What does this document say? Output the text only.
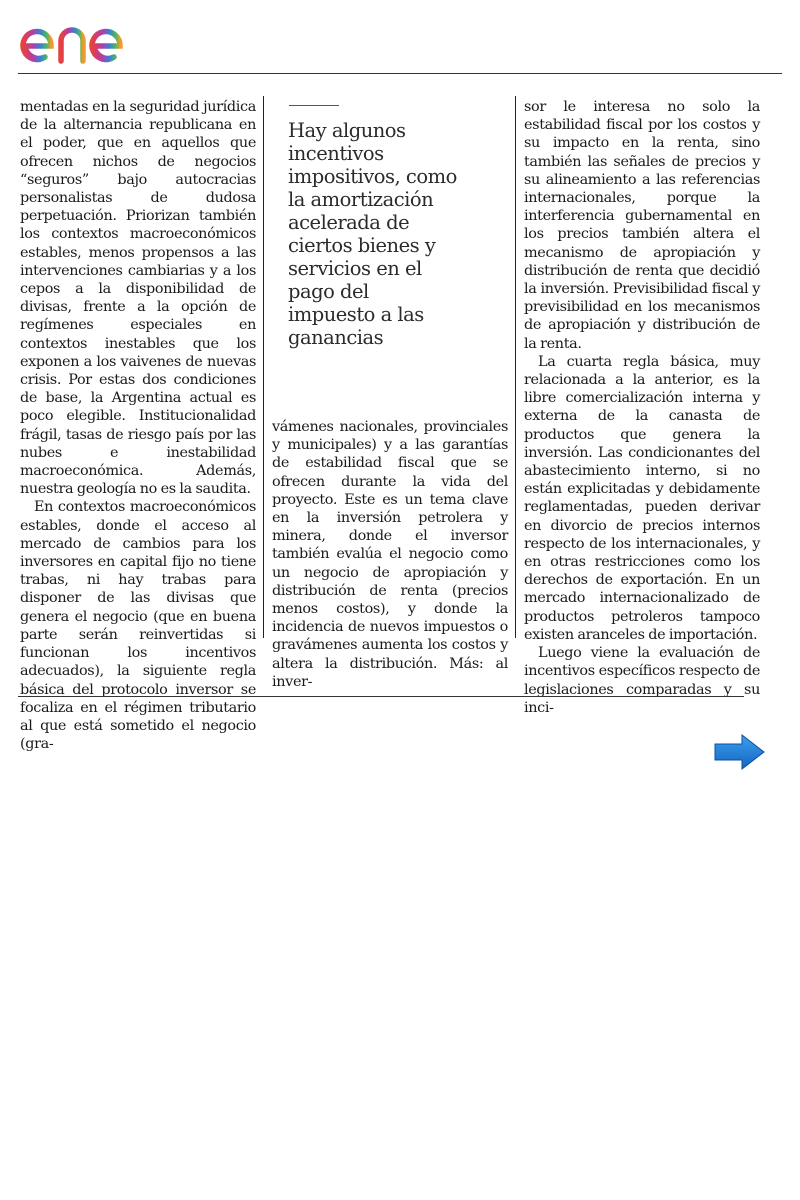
mentadas en la seguridad jurídica de la alternancia republicana en el poder, que en aquellos que ofrecen nichos de negocios “seguros” bajo autocracias personalistas de dudosa perpetuación. Priorizan también los contextos macroeconómicos estables, menos propensos a las intervenciones cambiarias y a los cepos a la disponibilidad de divisas, frente a la opción de regímenes especiales en contextos inestables que los exponen a los vaivenes de nuevas crisis. Por estas dos condiciones de base, la Argentina actual es poco elegible. Institucionalidad frágil, tasas de riesgo país por las nubes e inestabilidad macroeconómica. Además, nuestra geología no es la saudita.

En contextos macroeconómicos estables, donde el acceso al mercado de cambios para los inversores en capital fijo no tiene trabas, ni hay trabas para disponer de las divisas que genera el negocio (que en buena parte serán reinvertidas si funcionan los incentivos adecuados), la siguiente regla básica del protocolo inversor se focaliza en el régimen tributario al que está sometido el negocio (gra-

Hay algunos incentivos impositivos, como la amortización acelerada de ciertos bienes y servicios en el pago del impuesto a las ganancias

vámenes nacionales, provinciales y municipales) y a las garantías de estabilidad fiscal que se ofrecen durante la vida del proyecto. Este es un tema clave en la inversión petrolera y minera, donde el inversor también evalúa el negocio como un negocio de apropiación y distribución de renta (precios menos costos), y donde la incidencia de nuevos impuestos o gravámenes aumenta los costos y altera la distribución. Más: al inver-

sor le interesa no solo la estabilidad fiscal por los costos y su impacto en la renta, sino también las señales de precios y su alineamiento a las referencias internacionales, porque la interferencia gubernamental en los precios también altera el mecanismo de apropiación y distribución de renta que decidió la inversión. Previsibilidad fiscal y previsibilidad en los mecanismos de apropiación y distribución de la renta.

La cuarta regla básica, muy relacionada a la anterior, es la libre comercialización interna y externa de la canasta de productos que genera la inversión. Las condicionantes del abastecimiento interno, si no están explicitadas y debidamente reglamentadas, pueden derivar en divorcio de precios internos respecto de los internacionales, y en otras restricciones como los derechos de exportación. En un mercado internacionalizado de productos petroleros tampoco existen aranceles de importación.

Luego viene la evaluación de incentivos específicos respecto de legislaciones comparadas y su inci-
